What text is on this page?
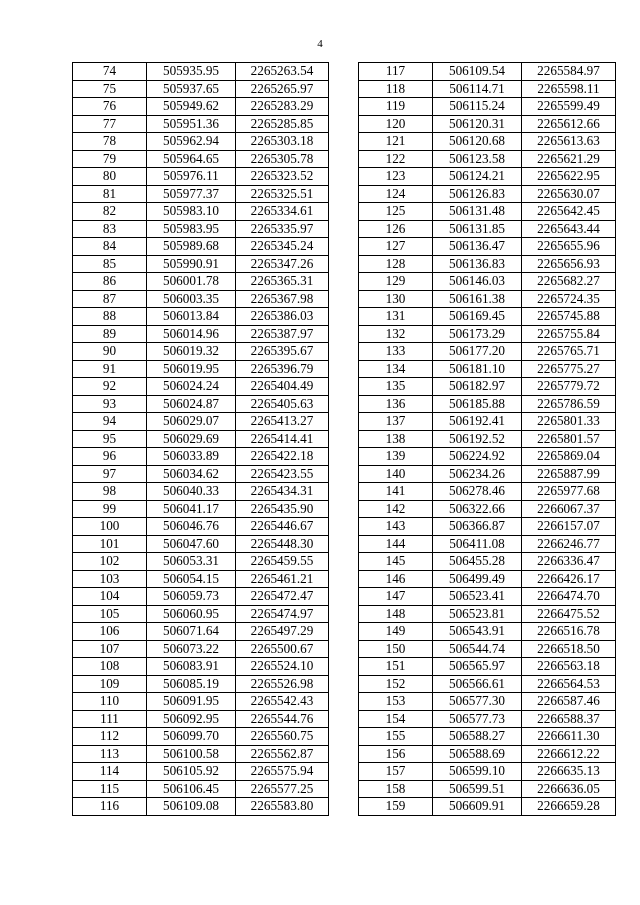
4
74	505935.95	2265263.54
75	505937.65	2265265.97
76	505949.62	2265283.29
77	505951.36	2265285.85
78	505962.94	2265303.18
79	505964.65	2265305.78
80	505976.11	2265323.52
81	505977.37	2265325.51
82	505983.10	2265334.61
83	505983.95	2265335.97
84	505989.68	2265345.24
85	505990.91	2265347.26
86	506001.78	2265365.31
87	506003.35	2265367.98
88	506013.84	2265386.03
89	506014.96	2265387.97
90	506019.32	2265395.67
91	506019.95	2265396.79
92	506024.24	2265404.49
93	506024.87	2265405.63
94	506029.07	2265413.27
95	506029.69	2265414.41
96	506033.89	2265422.18
97	506034.62	2265423.55
98	506040.33	2265434.31
99	506041.17	2265435.90
100	506046.76	2265446.67
101	506047.60	2265448.30
102	506053.31	2265459.55
103	506054.15	2265461.21
104	506059.73	2265472.47
105	506060.95	2265474.97
106	506071.64	2265497.29
107	506073.22	2265500.67
108	506083.91	2265524.10
109	506085.19	2265526.98
110	506091.95	2265542.43
111	506092.95	2265544.76
112	506099.70	2265560.75
113	506100.58	2265562.87
114	506105.92	2265575.94
115	506106.45	2265577.25
116	506109.08	2265583.80
117	506109.54	2265584.97
118	506114.71	2265598.11
119	506115.24	2265599.49
120	506120.31	2265612.66
121	506120.68	2265613.63
122	506123.58	2265621.29
123	506124.21	2265622.95
124	506126.83	2265630.07
125	506131.48	2265642.45
126	506131.85	2265643.44
127	506136.47	2265655.96
128	506136.83	2265656.93
129	506146.03	2265682.27
130	506161.38	2265724.35
131	506169.45	2265745.88
132	506173.29	2265755.84
133	506177.20	2265765.71
134	506181.10	2265775.27
135	506182.97	2265779.72
136	506185.88	2265786.59
137	506192.41	2265801.33
138	506192.52	2265801.57
139	506224.92	2265869.04
140	506234.26	2265887.99
141	506278.46	2265977.68
142	506322.66	2266067.37
143	506366.87	2266157.07
144	506411.08	2266246.77
145	506455.28	2266336.47
146	506499.49	2266426.17
147	506523.41	2266474.70
148	506523.81	2266475.52
149	506543.91	2266516.78
150	506544.74	2266518.50
151	506565.97	2266563.18
152	506566.61	2266564.53
153	506577.30	2266587.46
154	506577.73	2266588.37
155	506588.27	2266611.30
156	506588.69	2266612.22
157	506599.10	2266635.13
158	506599.51	2266636.05
159	506609.91	2266659.28
